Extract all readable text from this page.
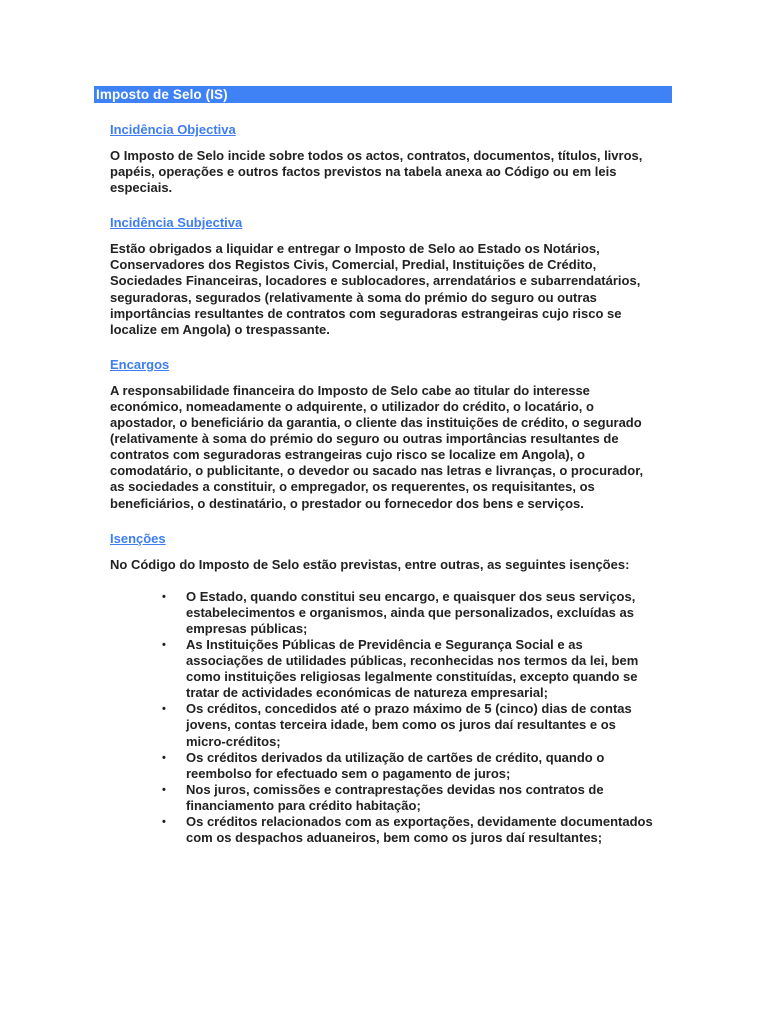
Imposto de Selo (IS)
Incidência Objectiva

O Imposto de Selo incide sobre todos os actos, contratos, documentos, títulos, livros, papéis, operações e outros factos previstos na tabela anexa ao Código ou em leis especiais.

Incidência Subjectiva

Estão obrigados a liquidar e entregar o Imposto de Selo ao Estado os Notários, Conservadores dos Registos Civis, Comercial, Predial, Instituições de Crédito, Sociedades Financeiras, locadores e sublocadores, arrendatários e subarrendatários, seguradoras, segurados (relativamente à soma do prémio do seguro ou outras importâncias resultantes de contratos com seguradoras estrangeiras cujo risco se localize em Angola) o trespassante.

Encargos

A responsabilidade financeira do Imposto de Selo cabe ao titular do interesse económico, nomeadamente o adquirente, o utilizador do crédito, o locatário, o apostador, o beneficiário da garantia, o cliente das instituições de crédito, o segurado (relativamente à soma do prémio do seguro ou outras importâncias resultantes de contratos com seguradoras estrangeiras cujo risco se localize em Angola), o comodatário, o publicitante, o devedor ou sacado nas letras e livranças, o procurador, as sociedades a constituir, o empregador, os requerentes, os requisitantes, os beneficiários, o destinatário, o prestador ou fornecedor dos bens e serviços.

Isenções

No Código do Imposto de Selo estão previstas, entre outras, as seguintes isenções:

• O Estado, quando constitui seu encargo, e quaisquer dos seus serviços, estabelecimentos e organismos, ainda que personalizados, excluídas as empresas públicas;
• As Instituições Públicas de Previdência e Segurança Social e as associações de utilidades públicas, reconhecidas nos termos da lei, bem como instituições religiosas legalmente constituídas, excepto quando se tratar de actividades económicas de natureza empresarial;
• Os créditos, concedidos até o prazo máximo de 5 (cinco) dias de contas jovens, contas terceira idade, bem como os juros daí resultantes e os micro-créditos;
• Os créditos derivados da utilização de cartões de crédito, quando o reembolso for efectuado sem o pagamento de juros;
• Nos juros, comissões e contraprestações devidas nos contratos de financiamento para crédito habitação;
• Os créditos relacionados com as exportações, devidamente documentados com os despachos aduaneiros, bem como os juros daí resultantes;
